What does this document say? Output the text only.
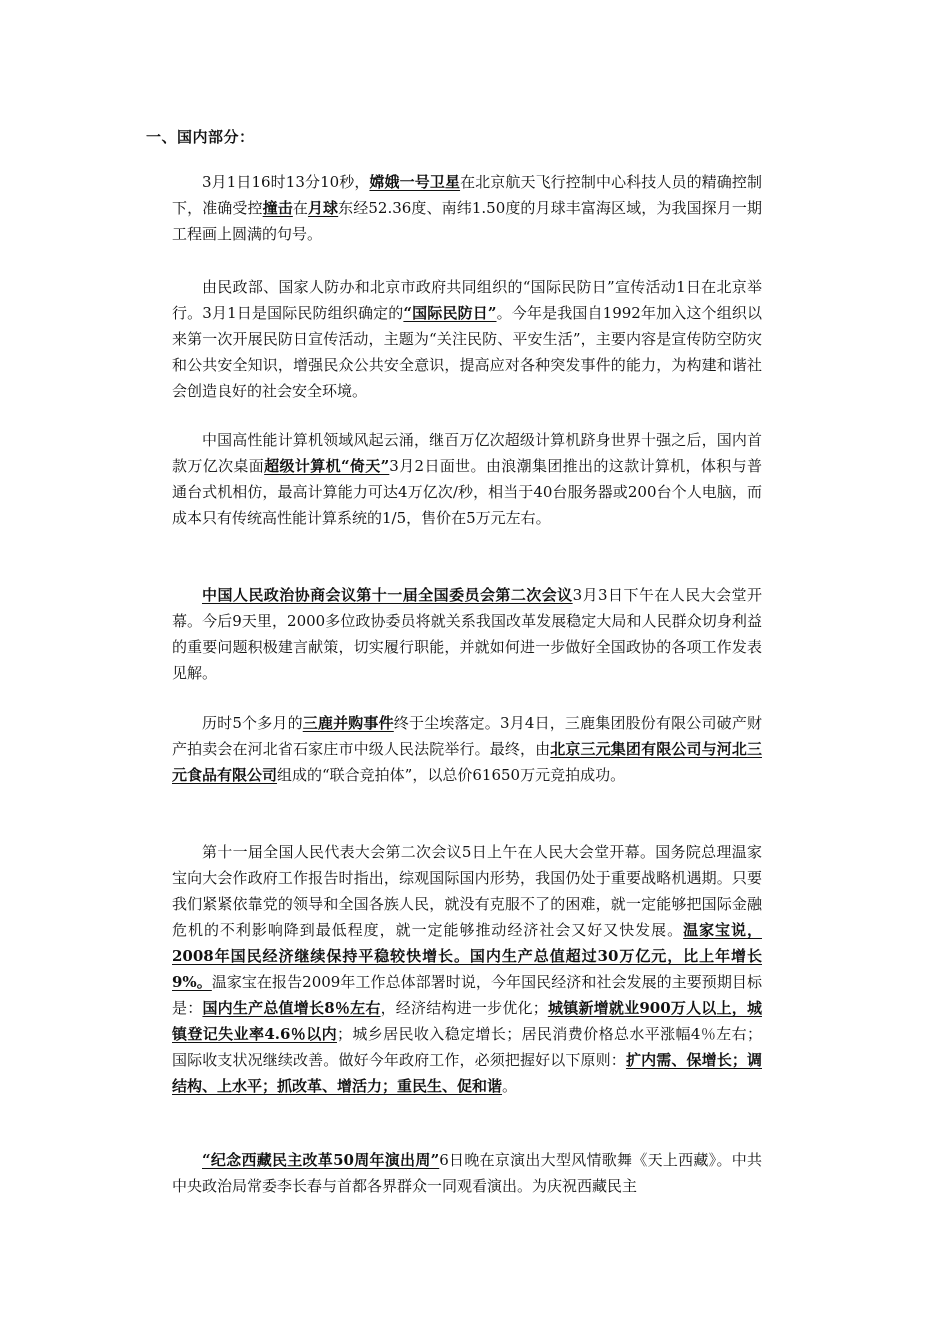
一、国内部分：

3月1日16时13分10秒，嫦娥一号卫星在北京航天飞行控制中心科技人员的精确控制下，准确受控撞击在月球东经52.36度、南纬1.50度的月球丰富海区域，为我国探月一期工程画上圆满的句号。

由民政部、国家人防办和北京市政府共同组织的“国际民防日”宣传活动1日在北京举行。3月1日是国际民防组织确定的“国际民防日”。今年是我国自1992年加入这个组织以来第一次开展民防日宣传活动，主题为“关注民防、平安生活”，主要内容是宣传防空防灾和公共安全知识，增强民众公共安全意识，提高应对各种突发事件的能力，为构建和谐社会创造良好的社会安全环境。

中国高性能计算机领域风起云涌，继百万亿次超级计算机跻身世界十强之后，国内首款万亿次桌面超级计算机“倚天”3月2日面世。由浪潮集团推出的这款计算机，体积与普通台式机相仿，最高计算能力可达4万亿次/秒，相当于40台服务器或200台个人电脑，而成本只有传统高性能计算系统的1/5，售价在5万元左右。

中国人民政治协商会议第十一届全国委员会第二次会议3月3日下午在人民大会堂开幕。今后9天里，2000多位政协委员将就关系我国改革发展稳定大局和人民群众切身利益的重要问题积极建言献策，切实履行职能，并就如何进一步做好全国政协的各项工作发表见解。

历时5个多月的三鹿并购事件终于尘埃落定。3月4日，三鹿集团股份有限公司破产财产拍卖会在河北省石家庄市中级人民法院举行。最终，由北京三元集团有限公司与河北三元食品有限公司组成的“联合竞拍体”，以总价61650万元竞拍成功。

第十一届全国人民代表大会第二次会议5日上午在人民大会堂开幕。国务院总理温家宝向大会作政府工作报告时指出，综观国际国内形势，我国仍处于重要战略机遇期。只要我们紧紧依靠党的领导和全国各族人民，就没有克服不了的困难，就一定能够把国际金融危机的不利影响降到最低程度，就一定能够推动经济社会又好又快发展。温家宝说，2008年国民经济继续保持平稳较快增长。国内生产总值超过30万亿元，比上年增长9%。温家宝在报告2009年工作总体部署时说，今年国民经济和社会发展的主要预期目标是：国内生产总值增长8％左右，经济结构进一步优化；城镇新增就业900万人以上，城镇登记失业率4.6％以内；城乡居民收入稳定增长；居民消费价格总水平涨幅4％左右；国际收支状况继续改善。做好今年政府工作，必须把握好以下原则：扩内需、保增长；调结构、上水平；抓改革、增活力；重民生、促和谐。

“纪念西藏民主改革50周年演出周”6日晚在京演出大型风情歌舞《天上西藏》。中共中央政治局常委李长春与首都各界群众一同观看演出。为庆祝西藏民主
